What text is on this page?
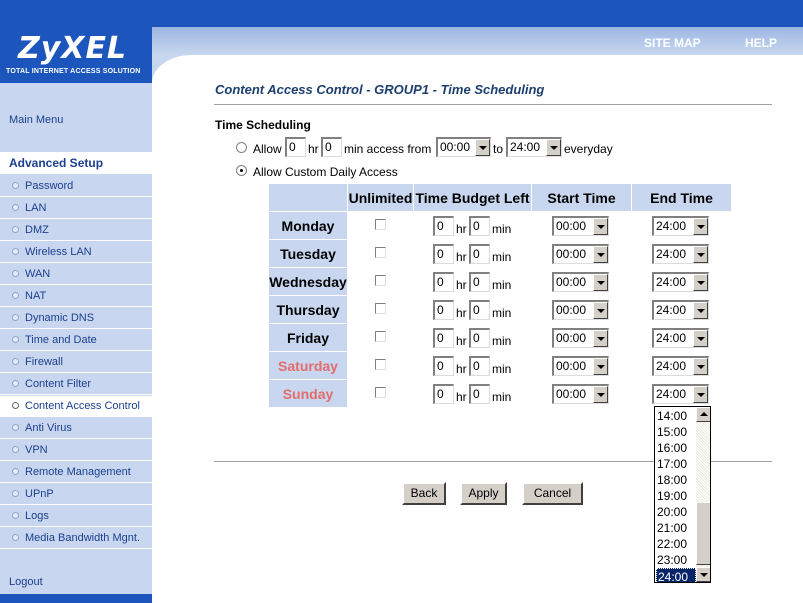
ZyXEL
TOTAL INTERNET ACCESS SOLUTION
SITE MAP	HELP
Main Menu
Advanced Setup
Password
LAN
DMZ
Wireless LAN
WAN
NAT
Dynamic DNS
Time and Date
Firewall
Content Filter
Content Access Control
Anti Virus
VPN
Remote Management
UPnP
Logs
Media Bandwidth Mgnt.
Logout
Content Access Control - GROUP1 - Time Scheduling
Time Scheduling
Allow 0	hr 0	min access from 00:00	to 24:00	everyday
Allow Custom Daily Access
	Unlimited	Time Budget Left	Start Time	End Time
Monday		0 hr 0 min	00:00	24:00

Tuesday		0 hr 0 min	00:00	24:00

Wednesday		0 hr 0 min	00:00	24:00

Thursday		0 hr 0 min	00:00	24:00

Friday		0 hr 0 min	00:00	24:00

Saturday		0 hr 0 min	00:00	24:00

Sunday		0 hr 0 min	00:00	24:00
Back	Apply	Cancel
14:00
15:00
16:00
17:00
18:00
19:00
20:00
21:00
22:00
23:00
24:00
